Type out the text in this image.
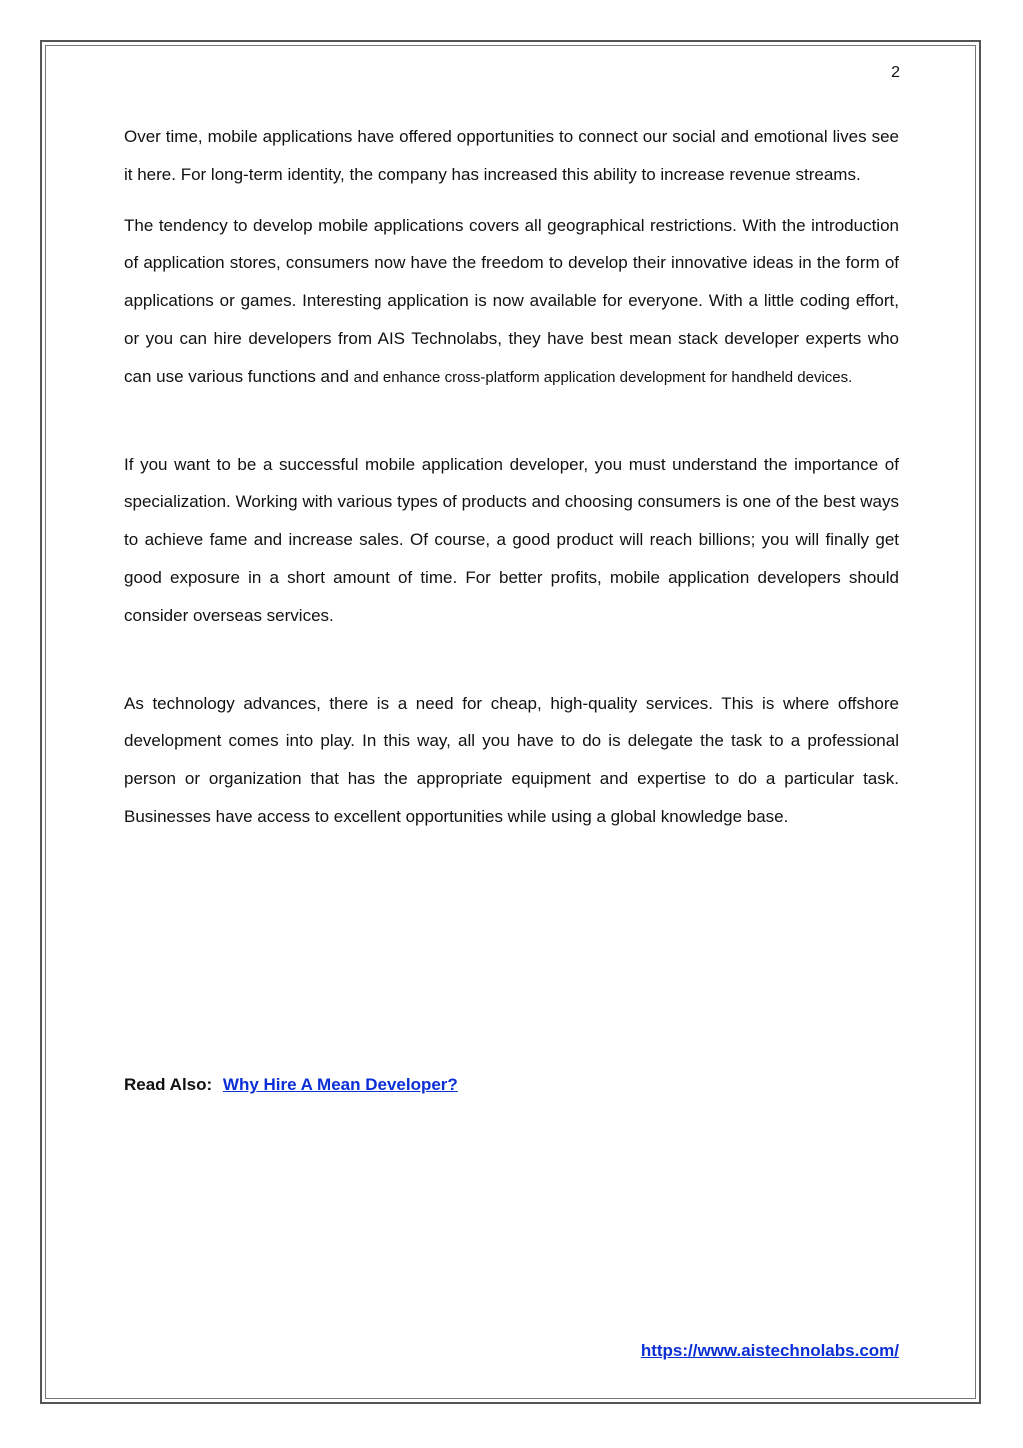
2

Over time, mobile applications have offered opportunities to connect our social and emotional lives see it here. For long-term identity, the company has increased this ability to increase revenue streams.

The tendency to develop mobile applications covers all geographical restrictions. With the introduction of application stores, consumers now have the freedom to develop their innovative ideas in the form of applications or games. Interesting application is now available for everyone. With a little coding effort, or you can hire developers from AIS Technolabs, they have best mean stack developer experts who can use various functions and and enhance cross-platform application development for handheld devices.

If you want to be a successful mobile application developer, you must understand the importance of specialization. Working with various types of products and choosing consumers is one of the best ways to achieve fame and increase sales. Of course, a good product will reach billions; you will finally get good exposure in a short amount of time. For better profits, mobile application developers should consider overseas services.

As technology advances, there is a need for cheap, high-quality services. This is where offshore development comes into play. In this way, all you have to do is delegate the task to a professional person or organization that has the appropriate equipment and expertise to do a particular task. Businesses have access to excellent opportunities while using a global knowledge base.

Read Also: Why Hire A Mean Developer?
https://www.aistechnolabs.com/
